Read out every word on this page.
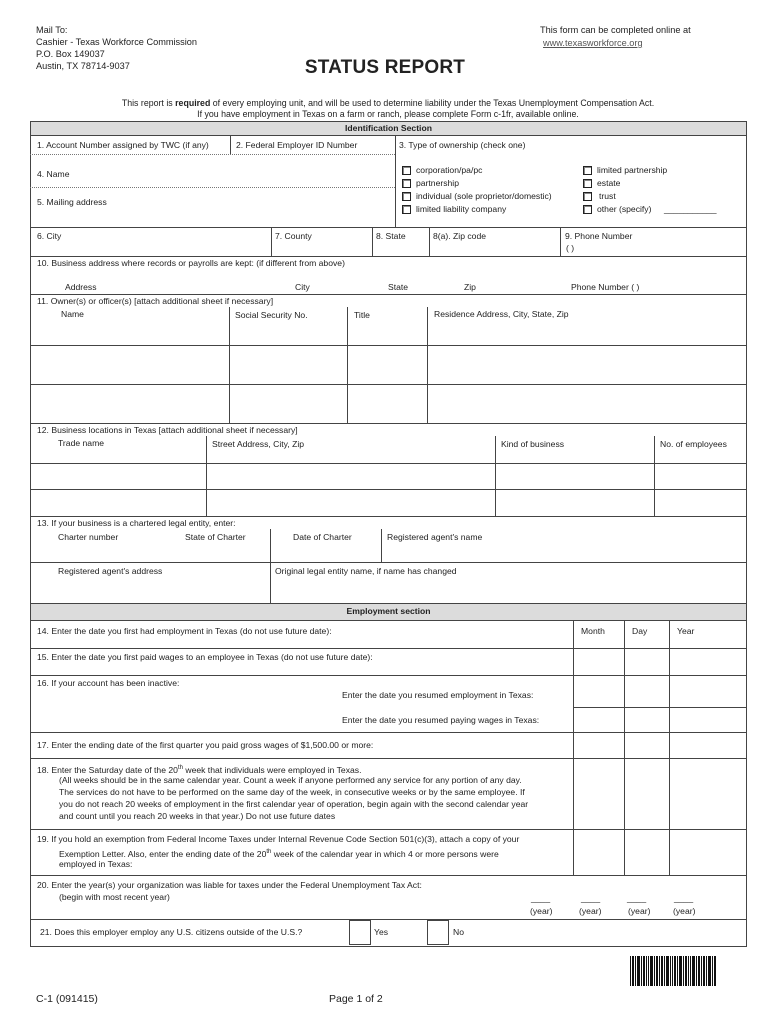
Mail To:
Cashier - Texas Workforce Commission
P.O. Box 149037
Austin, TX 78714-9037
This form can be completed online at
www.texasworkforce.org
STATUS REPORT
This report is required of every employing unit, and will be used to determine liability under the Texas Unemployment Compensation Act.
If you have employment in Texas on a farm or ranch, please complete Form c-1fr, available online.
Identification Section
1. Account Number assigned by TWC (if any)	2. Federal Employer ID Number	3. Type of ownership (check one)
4. Name
5. Mailing address
corporation/pa/pc
partnership
individual (sole proprietor/domestic)
limited liability company
limited partnership
estate
trust
other (specify) ___________
6. City	7. County	8. State	8(a). Zip code	9. Phone Number
( )
10. Business address where records or payrolls are kept: (if different from above)
Address	City	State	Zip	Phone Number ( )
11. Owner(s) or officer(s) [attach additional sheet if necessary]
Name	Social Security No.	Title	Residence Address, City, State, Zip
12. Business locations in Texas [attach additional sheet if necessary]
Trade name	Street Address, City, Zip	Kind of business	No. of employees
13. If your business is a chartered legal entity, enter:
Charter number	State of Charter	Date of Charter	Registered agent's name
Registered agent's address	Original legal entity name, if name has changed
Employment section
14. Enter the date you first had employment in Texas (do not use future date):	Month	Day	Year
15. Enter the date you first paid wages to an employee in Texas (do not use future date):
16. If your account has been inactive:
Enter the date you resumed employment in Texas:
Enter the date you resumed paying wages in Texas:
17. Enter the ending date of the first quarter you paid gross wages of $1,500.00 or more:
18. Enter the Saturday date of the 20th week that individuals were employed in Texas.
(All weeks should be in the same calendar year. Count a week if anyone performed any service for any portion of any day.
The services do not have to be performed on the same day of the week, in consecutive weeks or by the same employee. If
you do not reach 20 weeks of employment in the first calendar year of operation, begin again with the second calendar year
and count until you reach 20 weeks in that year.) Do not use future dates
19. If you hold an exemption from Federal Income Taxes under Internal Revenue Code Section 501(c)(3), attach a copy of your
Exemption Letter. Also, enter the ending date of the 20th week of the calendar year in which 4 or more persons were
employed in Texas:
20. Enter the year(s) your organization was liable for taxes under the Federal Unemployment Tax Act:
(begin with most recent year)	____	____	____	____
(year)	(year)	(year)	(year)
21. Does this employer employ any U.S. citizens outside of the U.S.?	Yes	No
C-1 (091415)	Page 1 of 2
